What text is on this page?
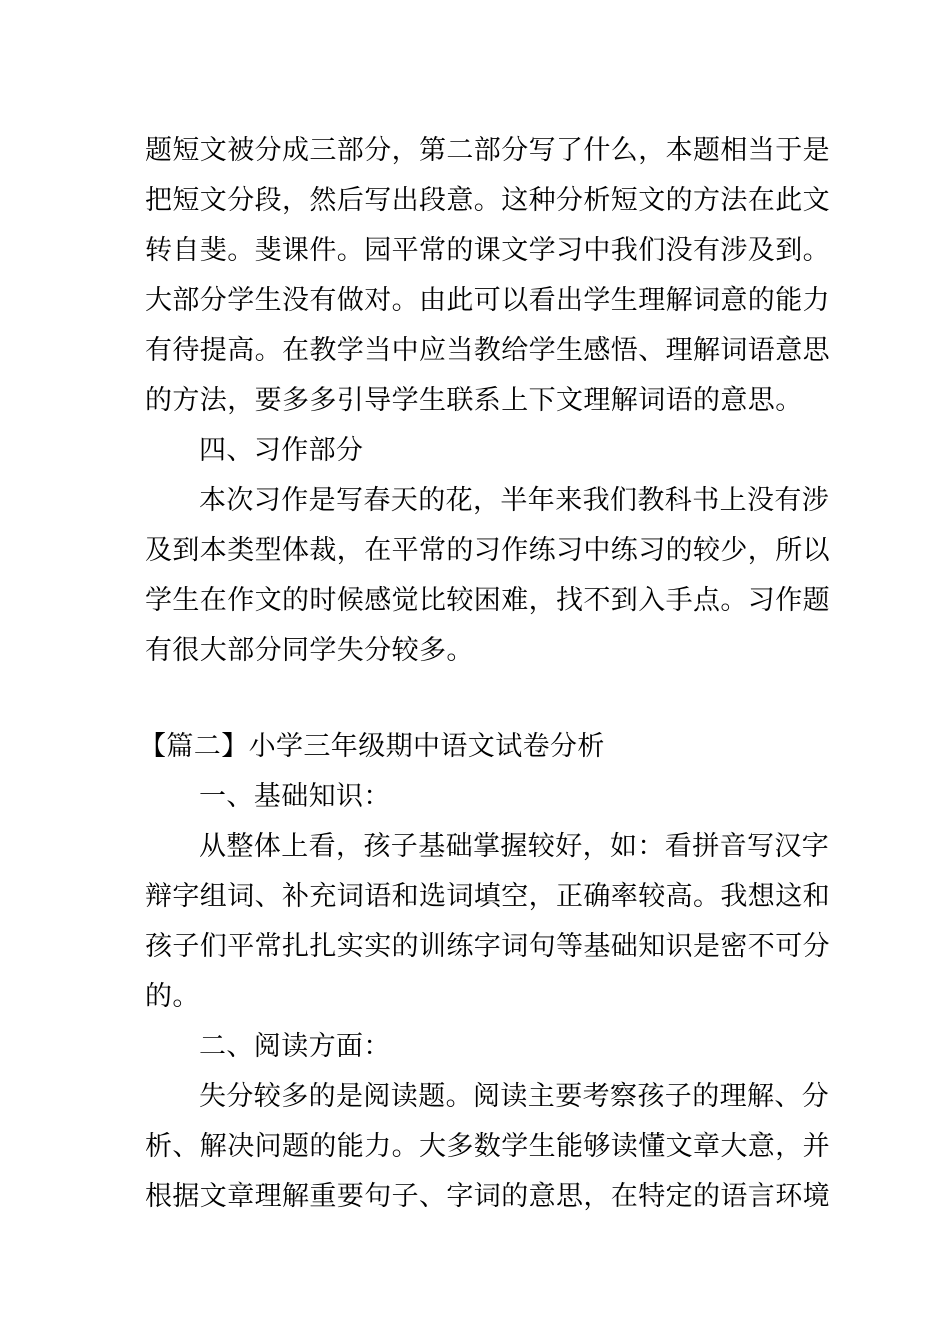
题短文被分成三部分，第二部分写了什么，本题相当于是
把短文分段，然后写出段意。这种分析短文的方法在此文
转自斐。斐课件。园平常的课文学习中我们没有涉及到。
大部分学生没有做对。由此可以看出学生理解词意的能力
有待提高。在教学当中应当教给学生感悟、理解词语意思
的方法，要多多引导学生联系上下文理解词语的意思。

四、习作部分

本次习作是写春天的花，半年来我们教科书上没有涉
及到本类型体裁，在平常的习作练习中练习的较少，所以
学生在作文的时候感觉比较困难，找不到入手点。习作题
有很大部分同学失分较多。

【篇二】小学三年级期中语文试卷分析

一、基础知识：

从整体上看，孩子基础掌握较好，如：看拼音写汉字
辩字组词、补充词语和选词填空，正确率较高。我想这和
孩子们平常扎扎实实的训练字词句等基础知识是密不可分
的。

二、阅读方面：

失分较多的是阅读题。阅读主要考察孩子的理解、分
析、解决问题的能力。大多数学生能够读懂文章大意，并
根据文章理解重要句子、字词的意思，在特定的语言环境
